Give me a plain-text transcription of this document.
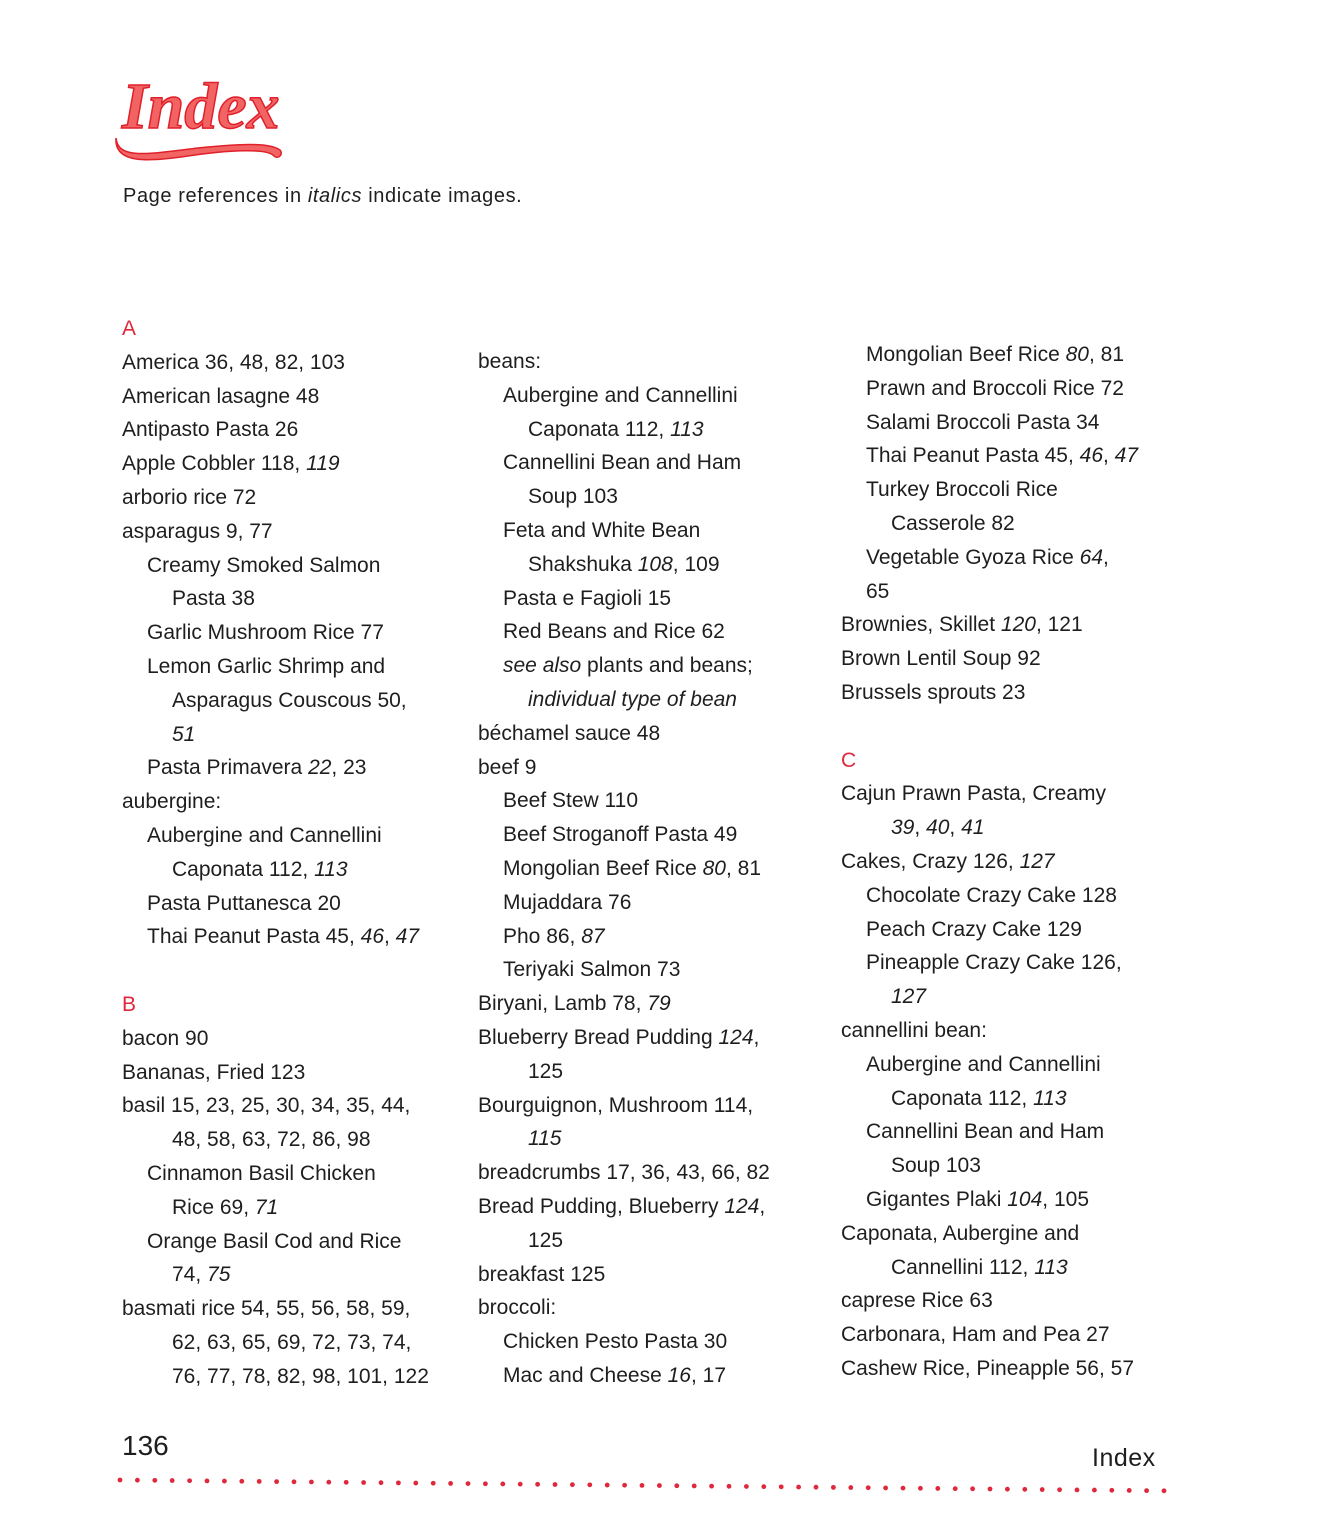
Index
Page references in italics indicate images.
A
America 36, 48, 82, 103
American lasagne 48
Antipasto Pasta 26
Apple Cobbler 118, 119
arborio rice 72
asparagus 9, 77
Creamy Smoked Salmon
Pasta 38
Garlic Mushroom Rice 77
Lemon Garlic Shrimp and
Asparagus Couscous 50,
51
Pasta Primavera 22, 23
aubergine:
Aubergine and Cannellini
Caponata 112, 113
Pasta Puttanesca 20
Thai Peanut Pasta 45, 46, 47
B
bacon 90
Bananas, Fried 123
basil 15, 23, 25, 30, 34, 35, 44,
48, 58, 63, 72, 86, 98
Cinnamon Basil Chicken
Rice 69, 71
Orange Basil Cod and Rice
74, 75
basmati rice 54, 55, 56, 58, 59,
62, 63, 65, 69, 72, 73, 74,
76, 77, 78, 82, 98, 101, 122
beans:
Aubergine and Cannellini
Caponata 112, 113
Cannellini Bean and Ham
Soup 103
Feta and White Bean
Shakshuka 108, 109
Pasta e Fagioli 15
Red Beans and Rice 62
see also plants and beans;
individual type of bean
béchamel sauce 48
beef 9
Beef Stew 110
Beef Stroganoff Pasta 49
Mongolian Beef Rice 80, 81
Mujaddara 76
Pho 86, 87
Teriyaki Salmon 73
Biryani, Lamb 78, 79
Blueberry Bread Pudding 124,
125
Bourguignon, Mushroom 114,
115
breadcrumbs 17, 36, 43, 66, 82
Bread Pudding, Blueberry 124,
125
breakfast 125
broccoli:
Chicken Pesto Pasta 30
Mac and Cheese 16, 17
Mongolian Beef Rice 80, 81
Prawn and Broccoli Rice 72
Salami Broccoli Pasta 34
Thai Peanut Pasta 45, 46, 47
Turkey Broccoli Rice
Casserole 82
Vegetable Gyoza Rice 64,
65
Brownies, Skillet 120, 121
Brown Lentil Soup 92
Brussels sprouts 23
C
Cajun Prawn Pasta, Creamy
39, 40, 41
Cakes, Crazy 126, 127
Chocolate Crazy Cake 128
Peach Crazy Cake 129
Pineapple Crazy Cake 126,
127
cannellini bean:
Aubergine and Cannellini
Caponata 112, 113
Cannellini Bean and Ham
Soup 103
Gigantes Plaki 104, 105
Caponata, Aubergine and
Cannellini 112, 113
caprese Rice 63
Carbonara, Ham and Pea 27
Cashew Rice, Pineapple 56, 57
136	Index
